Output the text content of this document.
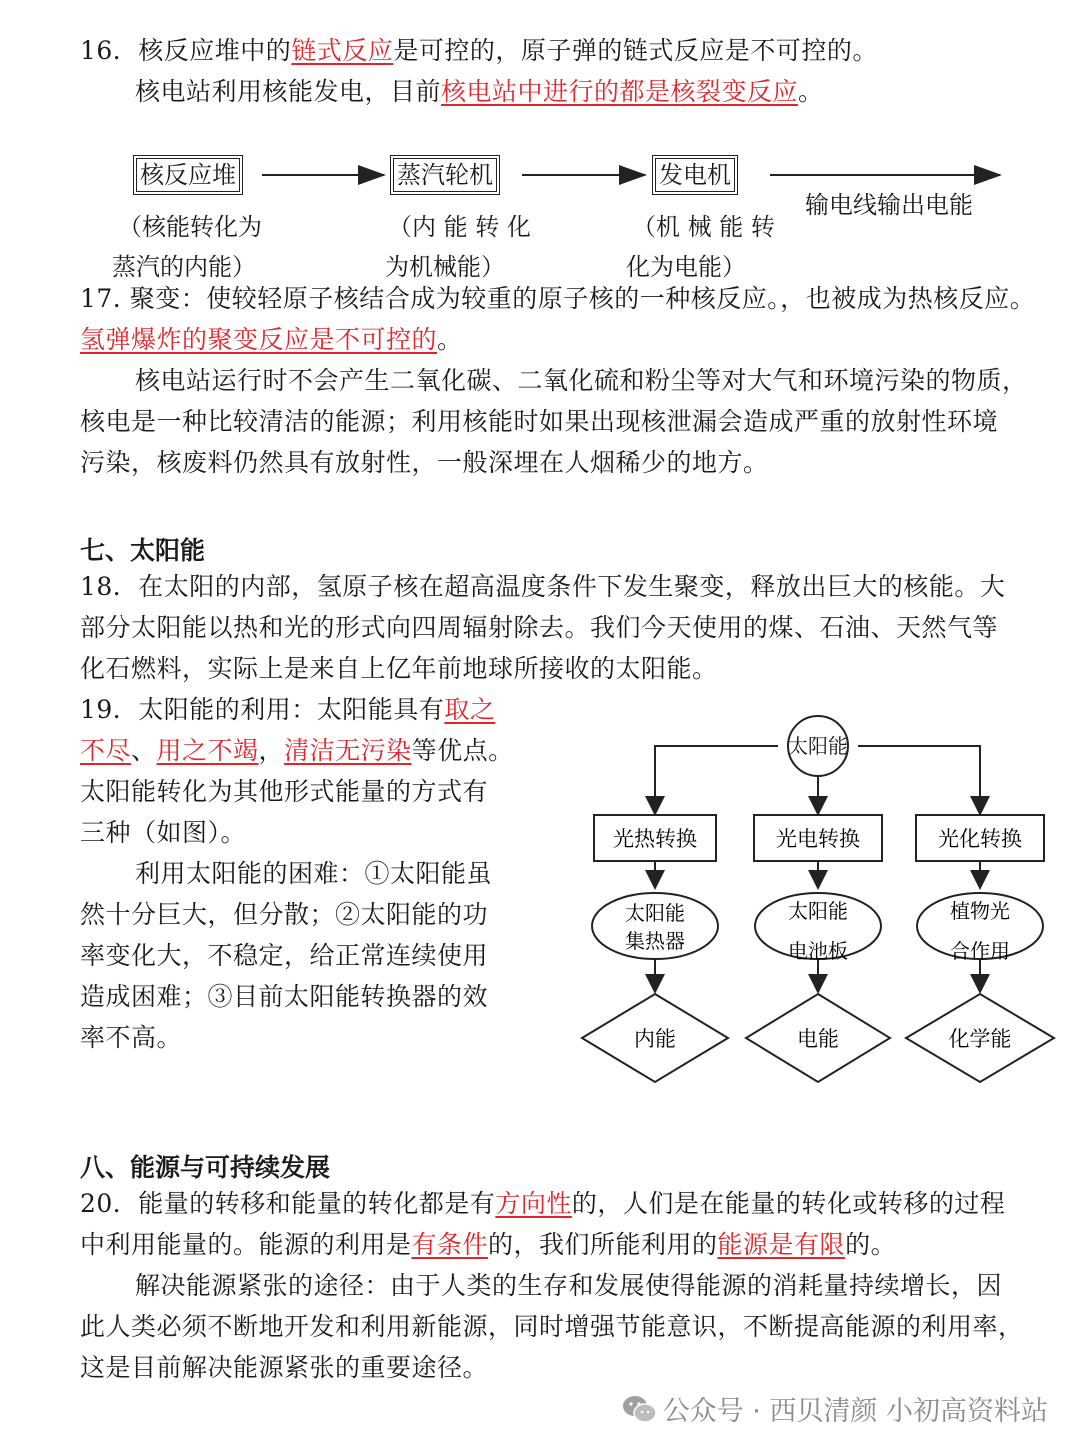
16．核反应堆中的链式反应是可控的，原子弹的链式反应是不可控的。
核电站利用核能发电，目前核电站中进行的都是核裂变反应。
核反应堆	蒸汽轮机	发电机
输电线输出电能
（核能转化为
蒸汽的内能）
（内 能 转 化
为机械能）
（机 械 能 转
化为电能）
17. 聚变：使较轻原子核结合成为较重的原子核的一种核反应。，也被成为热核反应。
氢弹爆炸的聚变反应是不可控的。
核电站运行时不会产生二氧化碳、二氧化硫和粉尘等对大气和环境污染的物质，
核电是一种比较清洁的能源；利用核能时如果出现核泄漏会造成严重的放射性环境
污染，核废料仍然具有放射性，一般深埋在人烟稀少的地方。
七、太阳能
18．在太阳的内部，氢原子核在超高温度条件下发生聚变，释放出巨大的核能。大
部分太阳能以热和光的形式向四周辐射除去。我们今天使用的煤、石油、天然气等
化石燃料，实际上是来自上亿年前地球所接收的太阳能。
19．太阳能的利用：太阳能具有取之
不尽、用之不竭，清洁无污染等优点。
太阳能转化为其他形式能量的方式有
三种（如图）。
利用太阳能的困难：①太阳能虽
然十分巨大，但分散；②太阳能的功
率变化大，不稳定，给正常连续使用
造成困难；③目前太阳能转换器的效
率不高。
太阳能
光热转换	光电转换	光化转换
太阳能
集热器
太阳能
电池板
植物光
合作用
内能	电能	化学能
八、能源与可持续发展
20．能量的转移和能量的转化都是有方向性的，人们是在能量的转化或转移的过程
中利用能量的。能源的利用是有条件的，我们所能利用的能源是有限的。
解决能源紧张的途径：由于人类的生存和发展使得能源的消耗量持续增长，因
此人类必须不断地开发和利用新能源，同时增强节能意识，不断提高能源的利用率，
这是目前解决能源紧张的重要途径。
公众号 · 西贝清颜 小初高资料站
